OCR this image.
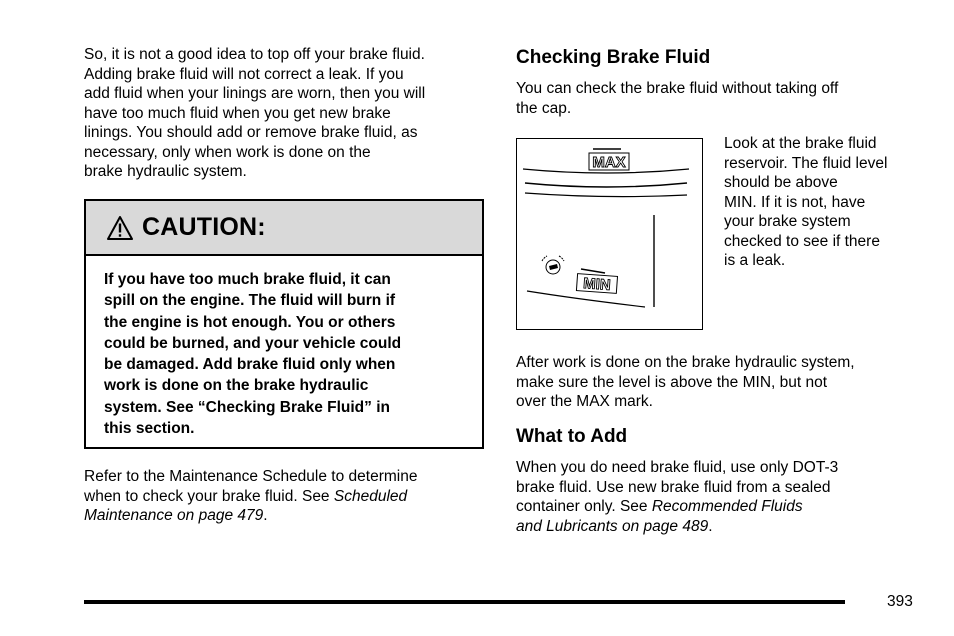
So, it is not a good idea to top off your brake fluid.
Adding brake fluid will not correct a leak. If you
add fluid when your linings are worn, then you will
have too much fluid when you get new brake
linings. You should add or remove brake fluid, as
necessary, only when work is done on the
brake hydraulic system.

CAUTION:

If you have too much brake fluid, it can
spill on the engine. The fluid will burn if
the engine is hot enough. You or others
could be burned, and your vehicle could
be damaged. Add brake fluid only when
work is done on the brake hydraulic
system. See “Checking Brake Fluid” in
this section.

Refer to the Maintenance Schedule to determine
when to check your brake fluid. See Scheduled
Maintenance on page 479.

Checking Brake Fluid

You can check the brake fluid without taking off
the cap.

MAX
MIN

Look at the brake fluid
reservoir. The fluid level
should be above
MIN. If it is not, have
your brake system
checked to see if there
is a leak.

After work is done on the brake hydraulic system,
make sure the level is above the MIN, but not
over the MAX mark.

What to Add

When you do need brake fluid, use only DOT-3
brake fluid. Use new brake fluid from a sealed
container only. See Recommended Fluids
and Lubricants on page 489.

393
